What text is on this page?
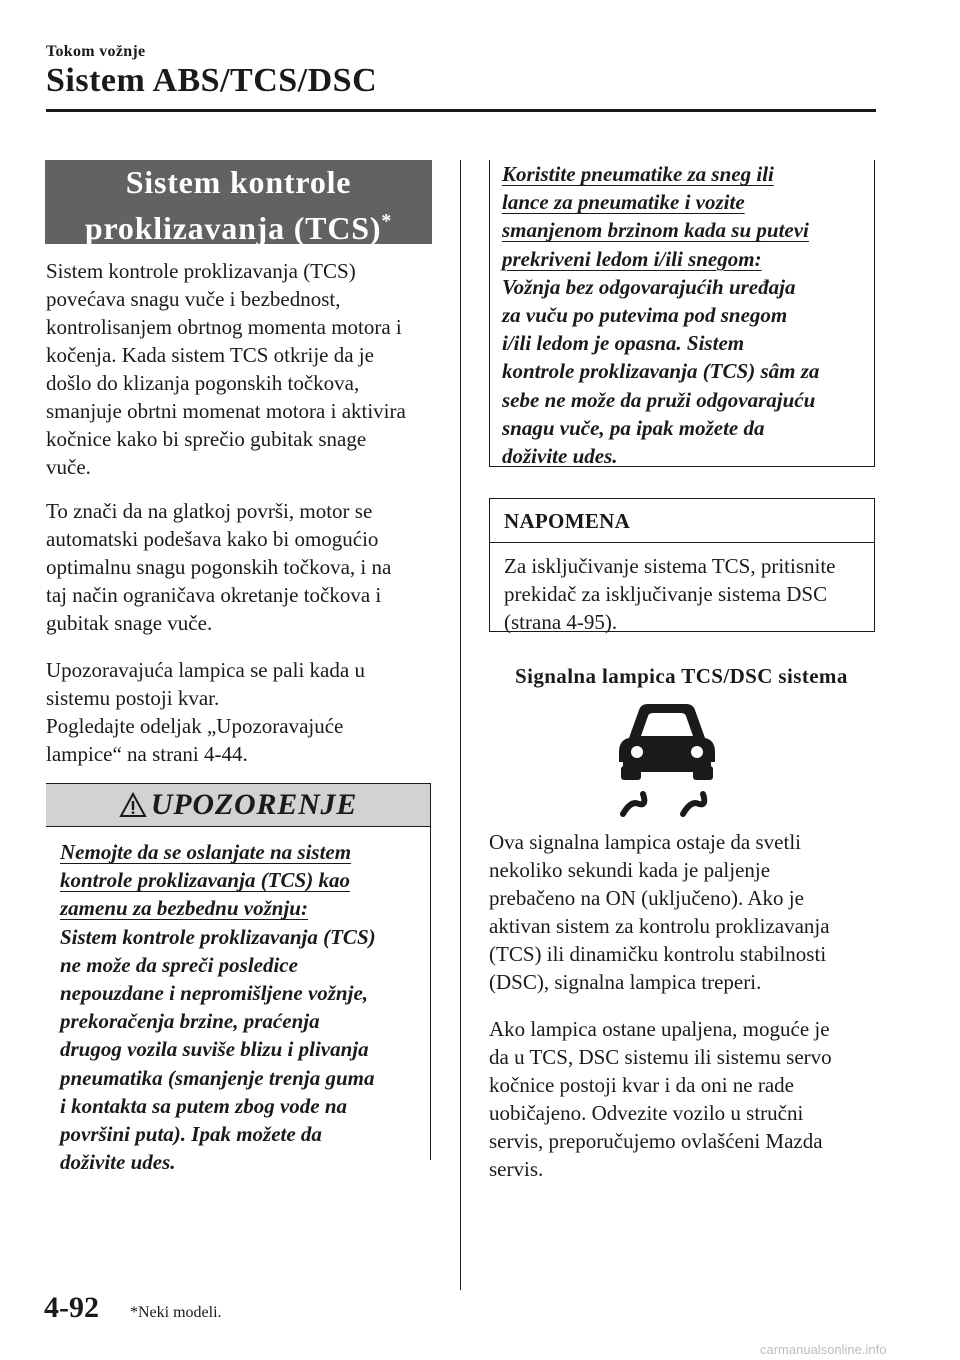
Tokom vožnje
Sistem ABS/TCS/DSC
Sistem kontrole
proklizavanja (TCS)*
Sistem kontrole proklizavanja (TCS)
povećava snagu vuče i bezbednost,
kontrolisanjem obrtnog momenta motora i
kočenja. Kada sistem TCS otkrije da je
došlo do klizanja pogonskih točkova,
smanjuje obrtni momenat motora i aktivira
kočnice kako bi sprečio gubitak snage
vuče.
To znači da na glatkoj površi, motor se
automatski podešava kako bi omogućio
optimalnu snagu pogonskih točkova, i na
taj način ograničava okretanje točkova i
gubitak snage vuče.
Upozoravajuća lampica se pali kada u
sistemu postoji kvar.
Pogledajte odeljak „Upozoravajuće
lampice“ na strani 4-44.
UPOZORENJE
Nemojte da se oslanjate na sistem
kontrole proklizavanja (TCS) kao
zamenu za bezbednu vožnju:
Sistem kontrole proklizavanja (TCS)
ne može da spreči posledice
nepouzdane i nepromišljene vožnje,
prekoračenja brzine, praćenja
drugog vozila suviše blizu i plivanja
pneumatika (smanjenje trenja guma
i kontakta sa putem zbog vode na
površini puta). Ipak možete da
doživite udes.
Koristite pneumatike za sneg ili
lance za pneumatike i vozite
smanjenom brzinom kada su putevi
prekriveni ledom i/ili snegom:
Vožnja bez odgovarajućih uređaja
za vuču po putevima pod snegom
i/ili ledom je opasna. Sistem
kontrole proklizavanja (TCS) sâm za
sebe ne može da pruži odgovarajuću
snagu vuče, pa ipak možete da
doživite udes.
NAPOMENA
Za isključivanje sistema TCS, pritisnite
prekidač za isključivanje sistema DSC
(strana 4-95).
Signalna lampica TCS/DSC sistema
Ova signalna lampica ostaje da svetli
nekoliko sekundi kada je paljenje
prebačeno na ON (uključeno). Ako je
aktivan sistem za kontrolu proklizavanja
(TCS) ili dinamičku kontrolu stabilnosti
(DSC), signalna lampica treperi.
Ako lampica ostane upaljena, moguće je
da u TCS, DSC sistemu ili sistemu servo
kočnice postoji kvar i da oni ne rade
uobičajeno. Odvezite vozilo u stručni
servis, preporučujemo ovlašćeni Mazda
servis.
4-92 *Neki modeli.
carmanualsonline.info
